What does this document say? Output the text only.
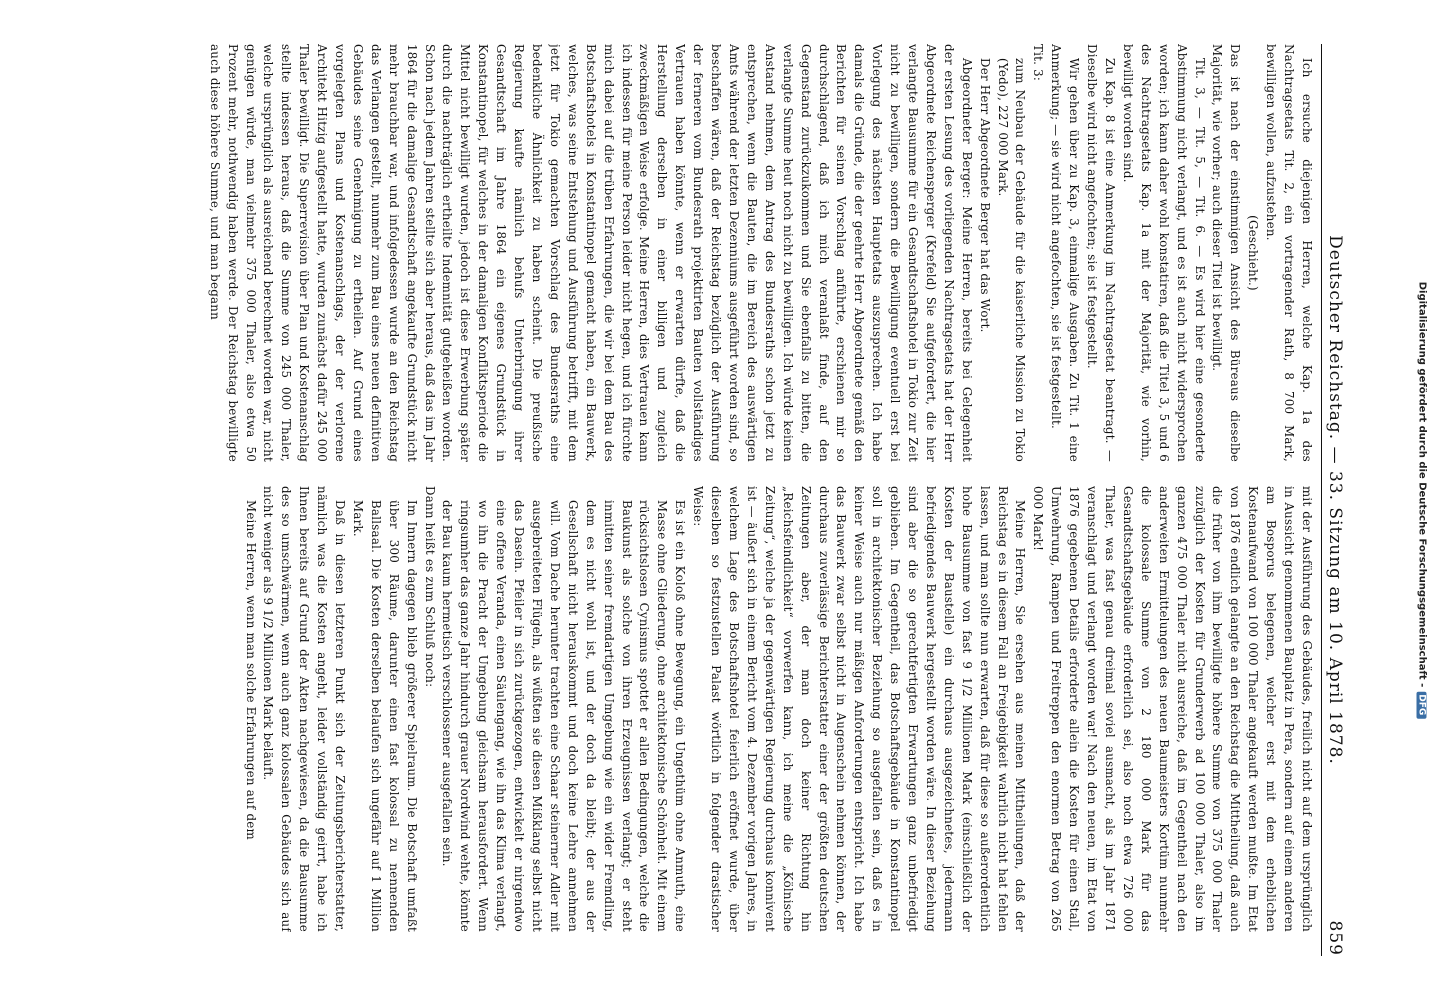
Deutscher Reichstag. — 33. Sitzung am 10. April 1878.
859

Ich ersuche diejenigen Herren, welche Kap. 1a des Nachtragsetats Tit. 2, ein vortragender Rath, 8 700 Mark, bewilligen wollen, aufzustehen.

(Geschieht.)

Das ist nach der einstimmigen Ansicht des Büreaus dieselbe Majorität, wie vorher; auch dieser Titel ist bewilligt.

Tit. 3, — Tit. 5, — Tit. 6. — Es wird hier eine gesonderte Abstimmung nicht verlangt, und es ist auch nicht widersprochen worden; ich kann daher wohl konstatiren, daß die Titel 3, 5 und 6 des Nachtragsetats Kap. 1a mit der Majorität, wie vorhin, bewilligt worden sind.

Zu Kap. 8 ist eine Anmerkung im Nachtragsetat beantragt. — Dieselbe wird nicht angefochten; sie ist festgestellt.

Wir gehen über zu Kap. 3, einmalige Ausgaben. Zu Tit. 1 eine Anmerkung; — sie wird nicht angefochten, sie ist festgestellt.

Tit. 3:

zum Neubau der Gebäude für die kaiserliche Mission zu Tokio (Yedo), 227 000 Mark.

Der Herr Abgeordnete Berger hat das Wort.

Abgeordneter Berger: Meine Herren, bereits bei Gelegenheit der ersten Lesung des vorliegenden Nachtragsetats hat der Herr Abgeordnete Reichensperger (Krefeld) Sie aufgefordert, die hier verlangte Bausumme für ein Gesandtschaftshotel in Tokio zur Zeit nicht zu bewilligen, sondern die Bewilligung eventuell erst bei Vorlegung des nächsten Hauptetats auszusprechen. Ich habe damals die Gründe, die der geehrte Herr Abgeordnete gemäß den Berichten für seinen Vorschlag anführte, erschienen mir so durchschlagend, daß ich mich veranlaßt finde, auf den Gegenstand zurückzukommen und Sie ebenfalls zu bitten, die verlangte Summe heut noch nicht zu bewilligen. Ich würde keinen Anstand nehmen, dem Antrag des Bundesraths schon jetzt zu entsprechen, wenn die Bauten, die im Bereich des auswärtigen Amts während der letzten Dezenniums ausgeführt worden sind, so beschaffen wären, daß der Reichstag bezüglich der Ausführung der ferneren vom Bundesrath projektirten Bauten vollständiges Vertrauen haben könnte, wenn er erwarten dürfte, daß die Herstellung derselben in einer billigen und zugleich zweckmäßigen Weise erfolge. Meine Herren, dies Vertrauen kann ich indessen für meine Person leider nicht hegen, und ich fürchte mich dabei auf die trüben Erfahrungen, die wir bei dem Bau des Botschaftshotels in Konstantinopel gemacht haben, ein Bauwerk, welches, was seine Entstehung und Ausführung betrifft, mit dem jetzt für Tokio gemachten Vorschlag des Bundesraths eine bedenkliche Ähnlichkeit zu haben scheint. Die preußische Regierung kaufte nämlich behufs Unterbringung ihrer Gesandtschaft im Jahre 1864 ein eigenes Grundstück in Konstantinopel, für welches in der damaligen Konfliktsperiode die Mittel nicht bewilligt wurden, jedoch ist diese Erwerbung später durch die nachträglich ertheilte Indemnität gutgeheißen worden. Schon nach jedem Jahren stellte sich aber heraus, daß das im Jahr 1864 für die damalige Gesandtschaft angekaufte Grundstück nicht mehr brauchbar war, und infolgedessen wurde an den Reichstag das Verlangen gestellt, nunmehr zum Bau eines neuen definitiven Gebäudes seine Genehmigung zu ertheilen. Auf Grund eines vorgelegten Plans und Kostenanschlags, der der verlorene Architekt Hitzig aufgestellt hatte, wurden zunächst dafür 245 000 Thaler bewilligt. Die Superrevision über Plan und Kostenanschlag stellte indessen heraus, daß die Summe von 245 000 Thaler, welche ursprünglich als ausreichend berechnet worden war, nicht genügen würde, man vielmehr 375 000 Thaler, also etwa 50 Prozent mehr, nothwendig haben werde. Der Reichstag bewilligte auch diese höhere Summe, und man begann

mit der Ausführung des Gebäudes, freilich nicht auf dem ursprünglich in Aussicht genommenen Bauplatz in Pera, sondern auf einem anderen am Bosporus belegenen, welcher erst mit dem erheblichen Kostenaufwand von 100 000 Thaler angekauft werden mußte. Im Etat von 1876 endlich gelangte an den Reichstag die Mittheilung, daß auch die früher von ihm bewilligte höhere Summe von 375 000 Thaler zuzüglich der Kosten für Grunderwerb ad 100 000 Thaler, also im ganzen 475 000 Thaler nicht ausreiche, daß im Gegentheil nach den anderweiten Ermittelungen des neuen Baumeisters Kortüm nunmehr die kolossale Summe von 2 180 000 Mark für das Gesandtschaftsgebäude erforderlich sei, also noch etwa 726 000 Thaler, was fast genau dreimal soviel ausmacht, als im Jahr 1871 veranschlagt und verlangt worden war! Nach den neuen, im Etat von 1876 gegebenen Details erforderte allein die Kosten für einen Stall, Umwehrung, Rampen und Freitreppen den enormen Betrag von 265 000 Mark!

Meine Herren, Sie ersehen aus meinen Mittheilungen, daß der Reichstag es in diesem Fall an Freigebigkeit wahrlich nicht hat fehlen lassen, und man sollte nun erwarten, daß für diese so außerordentlich hohe Bausumme von fast 9 1/2 Millionen Mark (einschließlich der Kosten der Baustelle) ein durchaus ausgezeichnetes, jedermann befriedigendes Bauwerk hergestellt worden wäre. In dieser Beziehung sind aber die so gerechtfertigten Erwartungen ganz unbefriedigt geblieben. Im Gegentheil, das Botschaftsgebäude in Konstantinopel soll in architektonischer Beziehung so ausgefallen sein, daß es in keiner Weise auch nur mäßigen Anforderungen entspricht. Ich habe das Bauwerk zwar selbst nicht in Augenschein nehmen können, der durchaus zuverlässige Berichterstatter einer der größten deutschen Zeitungen aber, der man doch keiner Richtung hin „Reichsfeindlichkeit“ vorwerfen kann, ich meine die „Kölnische Zeitung“, welche ja der gegenwärtigen Regierung durchaus konnivent ist — äußert sich in einem Bericht vom 4. Dezember vorigen Jahres, in welchem Lage des Botschaftshotel feierlich eröffnet wurde, über dieselben so festzustellen Palast wörtlich in folgender drastischer Weise:

Es ist ein Koloß ohne Bewegung, ein Ungethüm ohne Anmuth, eine Masse ohne Gliederung, ohne architektonische Schönheit. Mit einem rücksichtslosen Cynismus spottet er allen Bedingungen, welche die Baukunst als solche von ihren Erzeugnissen verlangt; er steht inmitten seiner fremdartigen Umgebung wie ein wider Fremdling, dem es nicht wohl ist, und der doch da bleibt; der aus der Gesellschaft nicht herauskommt und doch keine Lehre annehmen will. Vom Dache herunter trachten eine Schaar steinerner Adler mit ausgebreiteten Flügeln, als wüßten sie diesen Mißklang selbst nicht das Dasein. Pfeiler in sich zurückgezogen, entwickelt er nirgendwo eine offene Veranda, einen Säulengang, wie ihn das Klima verlangt, wo ihn die Pracht der Umgebung gleichsam herausfordert. Wenn ringsumher das ganze Jahr hindurch grauer Nordwind wehte, könnte der Bau kaum hermetisch verschlossener ausgefallen sein.

Dann heißt es zum Schluß noch:

Im Innern dagegen blieb größerer Spielraum. Die Botschaft umfaßt über 300 Räume, darunter einen fast kolossal zu nennenden Ballsaal. Die Kosten derselben belaufen sich ungefähr auf 1 Million Mark.

Daß in diesen letzteren Punkt sich der Zeitungsberichterstatter, nämlich was die Kosten angeht, leider vollständig geirrt, habe ich Ihnen bereits auf Grund der Akten nachgewiesen, da die Bausumme des so umschwärmen, wenn auch ganz kolossalen Gebäudes sich auf nicht weniger als 9 1/2 Millionen Mark beläuft.

Meine Herren, wenn man solche Erfahrungen auf dem	Digitalisierung gefördert durch die Deutsche Forschungsgemeinschaft -DFG
